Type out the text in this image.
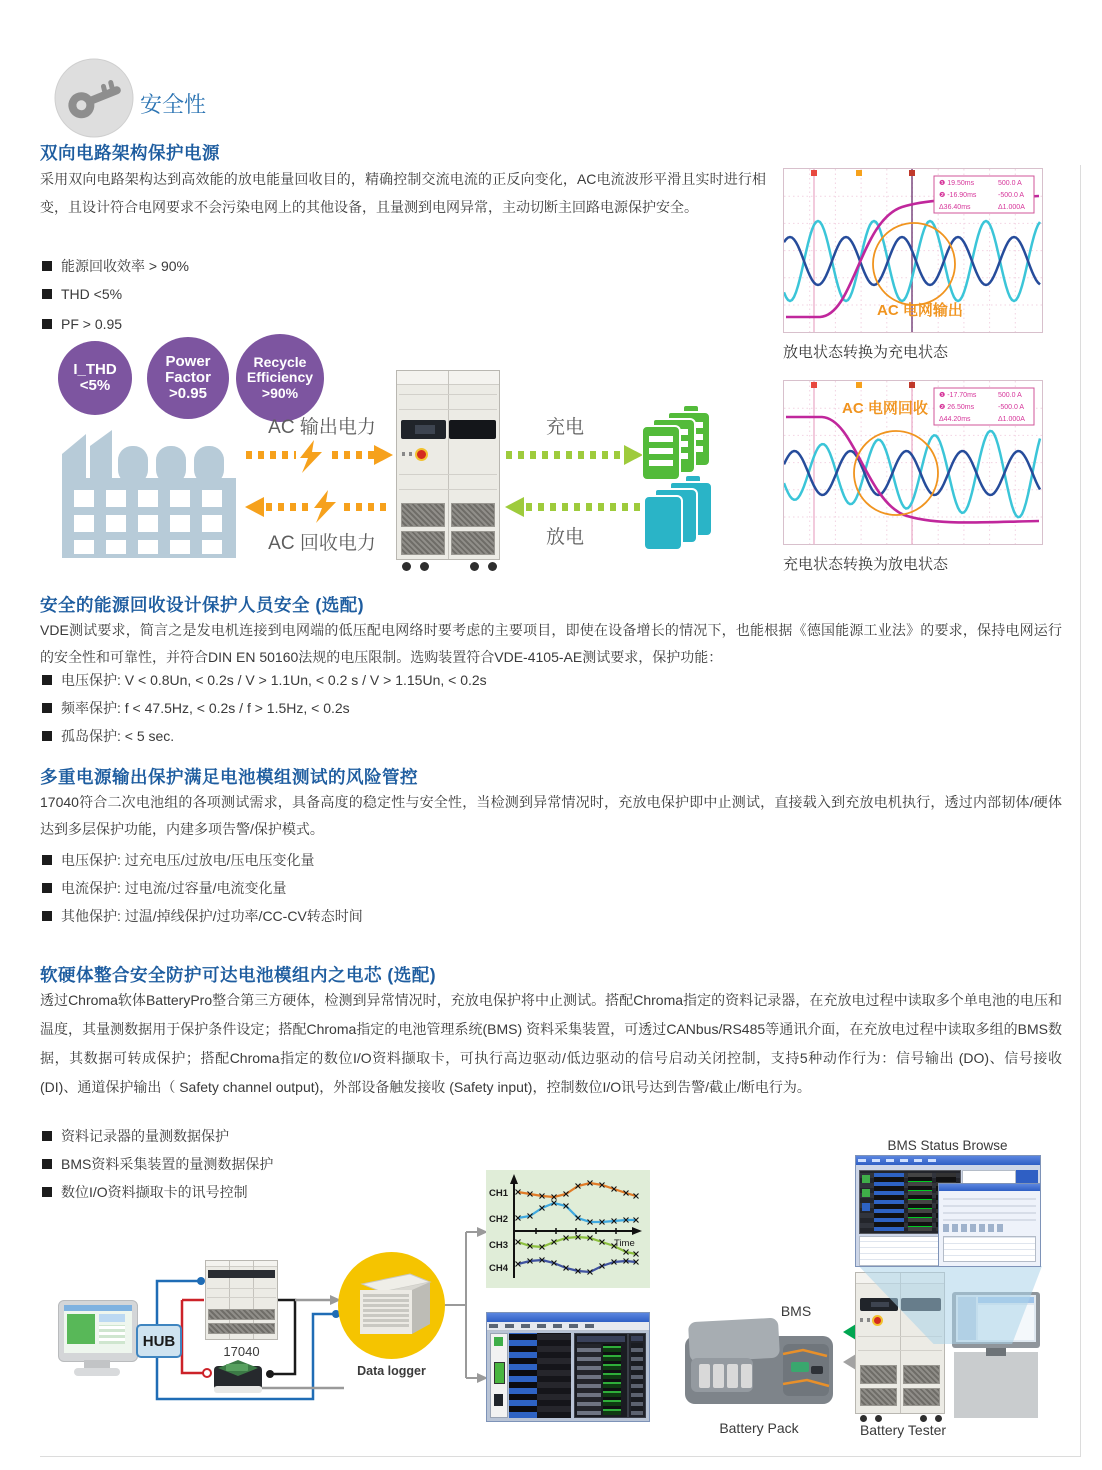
安全性
双向电路架构保护电源
采用双向电路架构达到高效能的放电能量回收目的，精确控制交流电流的正反向变化，AC电流波形平滑且实时进行相变，且设计符合电网要求不会污染电网上的其他设备，且量测到电网异常，主动切断主回路电源保护安全。
能源回收效率 > 90%
THD <5%
PF > 0.95
I_THD
<5%
Power
Factor
>0.95
Recycle
Efficiency
>90%
AC 输出电力
AC 回收电力
充电
放电
AC 电网输出
❶ 19.50ms	500.0 A
❷ -16.90ms	-500.0 A
Δ36.40ms	Δ1.000A
放电状态转换为充电状态
AC 电网回收
❶ -17.70ms	500.0 A
❷ 26.50ms	-500.0 A
Δ44.20ms	Δ1.000A
充电状态转换为放电状态
安全的能源回收设计保护人员安全 (选配)
VDE测试要求，简言之是发电机连接到电网端的低压配电网络时要考虑的主要项目，即使在设备增长的情况下，也能根据《德国能源工业法》的要求，保持电网运行的安全性和可靠性，并符合DIN EN 50160法规的电压限制。选购装置符合VDE-4105-AE测试要求，保护功能：
电压保护: V < 0.8Un, < 0.2s / V > 1.1Un, < 0.2 s / V > 1.15Un, < 0.2s
频率保护: f < 47.5Hz, < 0.2s / f > 1.5Hz, < 0.2s
孤岛保护: < 5 sec.
多重电源输出保护满足电池模组测试的风险管控
17040符合二次电池组的各项测试需求，具备高度的稳定性与安全性，当检测到异常情况时，充放电保护即中止测试，直接载入到充放电机执行，透过内部韧体/硬体达到多层保护功能，内建多项告警/保护模式。
电压保护: 过充电压/过放电/压电压变化量
电流保护: 过电流/过容量/电流变化量
其他保护: 过温/掉线保护/过功率/CC-CV转态时间
软硬体整合安全防护可达电池模组内之电芯 (选配)
透过Chroma软体BatteryPro整合第三方硬体，检测到异常情况时，充放电保护将中止测试。搭配Chroma指定的资料记录器，在充放电过程中读取多个单电池的电压和温度，其量测数据用于保护条件设定；搭配Chroma指定的电池管理系统(BMS) 资料采集装置，可透过CANbus/RS485等通讯介面，在充放电过程中读取多组的BMS数据，其数据可转成保护；搭配Chroma指定的数位I/O资料撷取卡，可执行高边驱动/低边驱动的信号启动关闭控制，支持5种动作行为：信号输出 (DO)、信号接收 (DI)、通道保护输出（ Safety channel output)，外部设备触发接收 (Safety input)，控制数位I/O讯号达到告警/截止/断电行为。
资料记录器的量测数据保护
BMS资料采集装置的量测数据保护
数位I/O资料撷取卡的讯号控制
BMS Status Browse
HUB
17040
Data logger
CH1
CH2
CH3
CH4
Time
Battery Pack
BMS
Battery Tester
